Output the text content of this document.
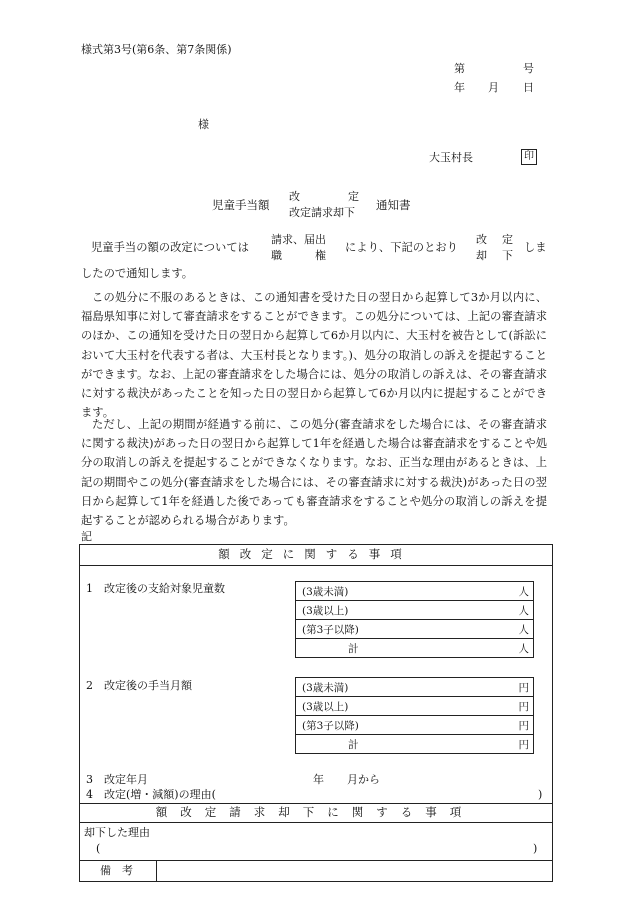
様式第3号(第6条、第7条関係)
第	号
年 月 日
様
大玉村長	印
児童手当額
改	定
改定請求却下
通知書
児童手当の額の改定については
請求、届出
職	権
により、下記のとおり
改 定
却 下
しま
したので通知します。
この処分に不服のあるときは、この通知書を受けた日の翌日から起算して3か月以内に、福島県知事に対して審査請求をすることができます。この処分については、上記の審査請求のほか、この通知を受けた日の翌日から起算して6か月以内に、大玉村を被告として(訴訟において大玉村を代表する者は、大玉村長となります。)、処分の取消しの訴えを提起することができます。なお、上記の審査請求をした場合には、処分の取消しの訴えは、その審査請求に対する裁決があったことを知った日の翌日から起算して6か月以内に提起することができます。
ただし、上記の期間が経過する前に、この処分(審査請求をした場合には、その審査請求に関する裁決)があった日の翌日から起算して1年を経過した場合は審査請求をすることや処分の取消しの訴えを提起することができなくなります。なお、正当な理由があるときは、上記の期間やこの処分(審査請求をした場合には、その審査請求に対する裁決)があった日の翌日から起算して1年を経過した後であっても審査請求をすることや処分の取消しの訴えを提起することが認められる場合があります。
記
額改定に関する事項
1　改定後の支給対象児童数	(3歳未満)	人
(3歳以上)	人
(第3子以降)	人
計	人
2　改定後の手当月額	(3歳未満)	円
(3歳以上)	円
(第3子以降)	円
計	円
3　改定年月	年 月から
4　改定(増・減額)の理由(	)
額改定請求却下に関する事項
却下した理由
(	)
備　考
